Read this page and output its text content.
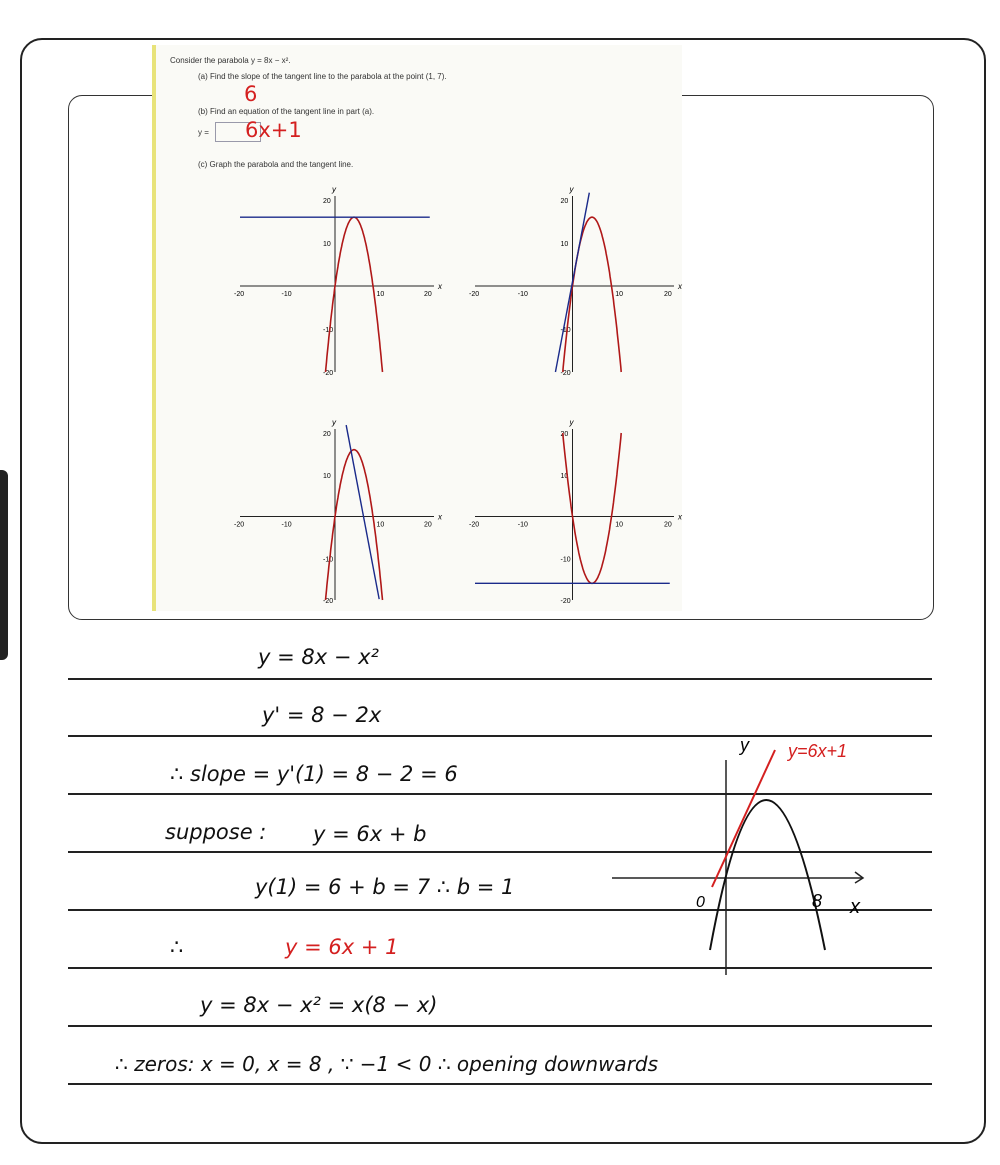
Consider the parabola y = 8x − x².
(a) Find the slope of the tangent line to the parabola at the point (1, 7).
6
(b) Find an equation of the tangent line in part (a).
y = 6x+1
(c) Graph the parabola and the tangent line.
x
y
-20	-10	10	20
20
10
-10
-20
x
y
-20	-10	10	20
20
10
-10
-20
x
y
-20	-10	10	20
20
10
-10
-20
x
y
-20	-10	10	20
20
10
-10
-20
y = 8x − x²
y' = 8 − 2x
∴ slope = y'(1) = 8 − 2 = 6
suppose : y = 6x + b
y(1) = 6 + b = 7 ∴ b = 1
∴	y = 6x + 1
y = 8x − x² = x(8 − x)
∴ zeros: x = 0, x = 8 , ∵ −1 < 0 ∴ opening downwards
y
x
0	8
y=6x+1
